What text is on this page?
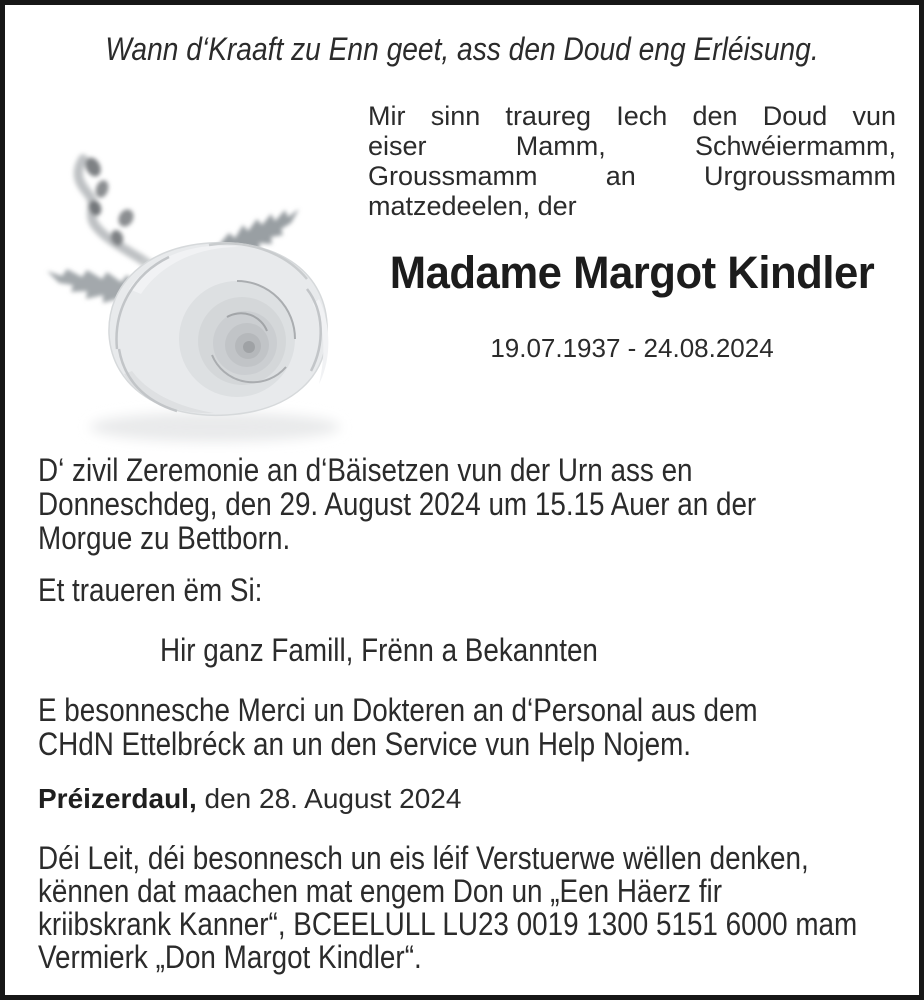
Wann d‘Kraaft zu Enn geet, ass den Doud eng Erléisung.
Mir sinn traureg Iech den Doud vun
eiser Mamm, Schwéiermamm,
Groussmamm an Urgroussmamm
matzedeelen, der
Madame Margot Kindler
19.07.1937 - 24.08.2024
D‘ zivil Zeremonie an d‘Bäisetzen vun der Urn ass en
Donneschdeg, den 29. August 2024 um 15.15 Auer an der
Morgue zu Bettborn.
Et traueren ëm Si:
Hir ganz Famill, Frënn a Bekannten
E besonnesche Merci un Dokteren an d‘Personal aus dem
CHdN Ettelbréck an un den Service vun Help Nojem.
Préizerdaul, den 28. August 2024
Déi Leit, déi besonnesch un eis léif Verstuerwe wëllen denken,
kënnen dat maachen mat engem Don un „Een Häerz fir
kriibskrank Kanner“, BCEELULL LU23 0019 1300 5151 6000 mam
Vermierk „Don Margot Kindler“.
